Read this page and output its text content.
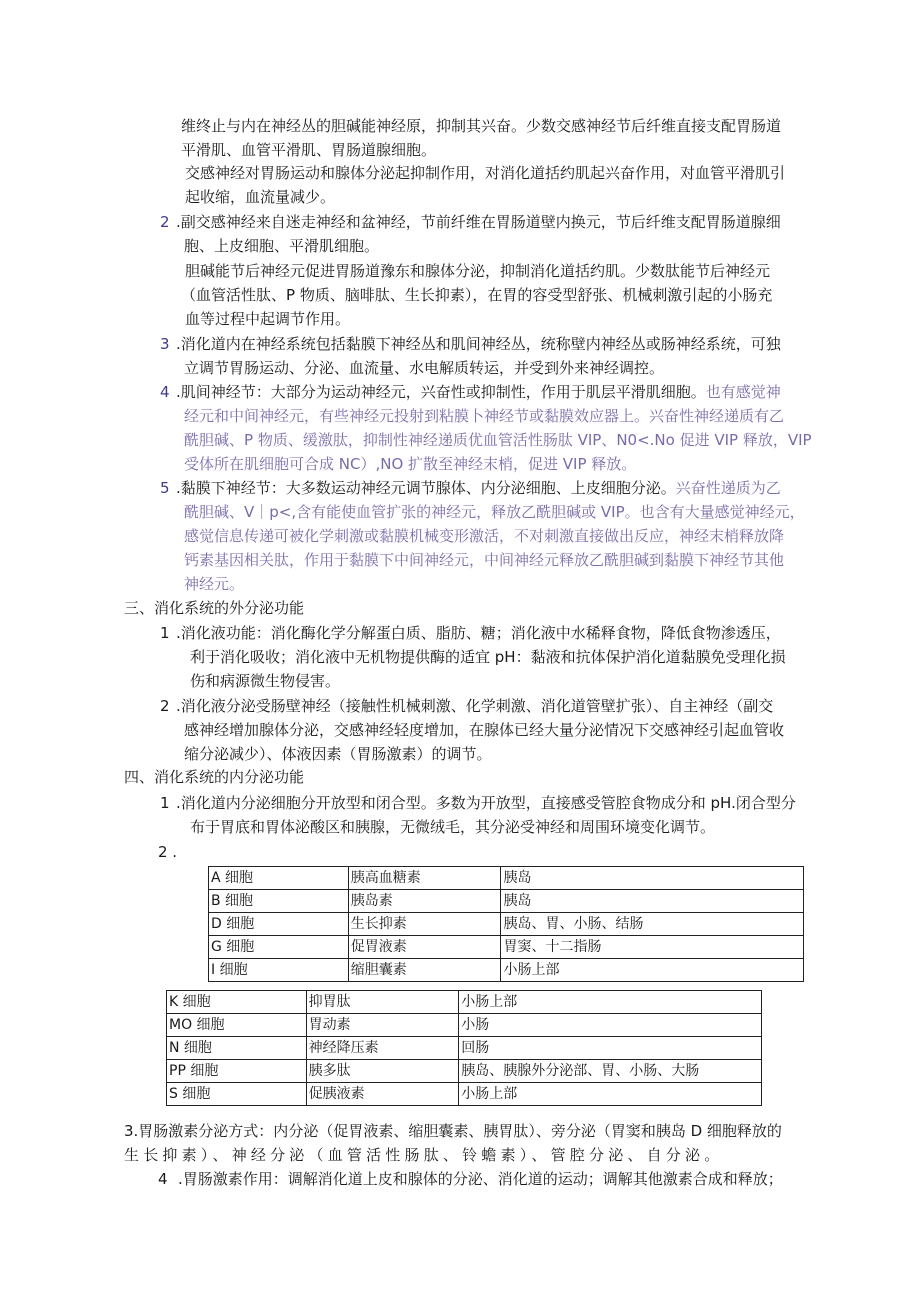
维终止与内在神经丛的胆碱能神经原，抑制其兴奋。少数交感神经节后纤维直接支配胃肠道
平滑肌、血管平滑肌、胃肠道腺细胞。
交感神经对胃肠运动和腺体分泌起抑制作用，对消化道括约肌起兴奋作用，对血管平滑肌引
起收缩，血流量减少。
2 .副交感神经来自迷走神经和盆神经，节前纤维在胃肠道壁内换元，节后纤维支配胃肠道腺细
胞、上皮细胞、平滑肌细胞。
胆碱能节后神经元促进胃肠道豫东和腺体分泌，抑制消化道括约肌。少数肽能节后神经元
（血管活性肽、P 物质、脑啡肽、生长抑素），在胃的容受型舒张、机械刺激引起的小肠充
血等过程中起调节作用。
3 .消化道内在神经系统包括黏膜下神经丛和肌间神经丛，统称壁内神经丛或肠神经系统，可独
立调节胃肠运动、分泌、血流量、水电解质转运，并受到外来神经调控。
4 .肌间神经节：大部分为运动神经元，兴奋性或抑制性，作用于肌层平滑肌细胞。也有感觉神
经元和中间神经元，有些神经元投射到粘膜卜神经节或黏膜效应器上。兴奋性神经递质有乙
酰胆碱、P 物质、缓激肽，抑制性神经递质优血管活性肠肽 VIP、N0<.No 促进 VIP 释放，VIP
受体所在肌细胞可合成 NC）,NO 扩散至神经末梢，促进 VIP 释放。
5 .黏膜下神经节：大多数运动神经元调节腺体、内分泌细胞、上皮细胞分泌。兴奋性递质为乙
酰胆碱、V｜p<,含有能使血管扩张的神经元，释放乙酰胆碱或 VIP。也含有大量感觉神经元，
感觉信息传递可被化学刺激或黏膜机械变形激活，不对刺激直接做出反应，神经末梢释放降
钙素基因相关肽，作用于黏膜下中间神经元，中间神经元释放乙酰胆碱到黏膜下神经节其他
神经元。
三、消化系统的外分泌功能
1 .消化液功能：消化酶化学分解蛋白质、脂肪、糖；消化液中水稀释食物，降低食物渗透压，
利于消化吸收；消化液中无机物提供酶的适宜 pH：黏液和抗体保护消化道黏膜免受理化损
伤和病源微生物侵害。
2 .消化液分泌受肠壁神经（接触性机械刺激、化学刺激、消化道管壁扩张）、自主神经（副交
感神经增加腺体分泌，交感神经轻度增加，在腺体已经大量分泌情况下交感神经引起血管收
缩分泌减少）、体液因素（胃肠激素）的调节。
四、消化系统的内分泌功能
1 .消化道内分泌细胞分开放型和闭合型。多数为开放型，直接感受管腔食物成分和 pH.闭合型分
布于胃底和胃体泌酸区和胰腺，无微绒毛，其分泌受神经和周围环境变化调节。
2 .
A 细胞	胰高血糖素	胰岛
B 细胞	胰岛素	胰岛
D 细胞	生长抑素	胰岛、胃、小肠、结肠
G 细胞	促胃液素	胃窦、十二指肠
I 细胞	缩胆囊素	小肠上部
K 细胞	抑胃肽	小肠上部
MO 细胞	胃动素	小肠
N 细胞	神经降压素	回肠
PP 细胞	胰多肽	胰岛、胰腺外分泌部、胃、小肠、大肠
S 细胞	促胰液素	小肠上部
3.胃肠激素分泌方式：内分泌（促胃液素、缩胆囊素、胰胃肽）、旁分泌（胃窦和胰岛 D 细胞释放的
生长抑素）、神经分泌（血管活性肠肽、铃蟾素）、管腔分泌、自分泌。
4 .胃肠激素作用：调解消化道上皮和腺体的分泌、消化道的运动；调解其他激素合成和释放；
